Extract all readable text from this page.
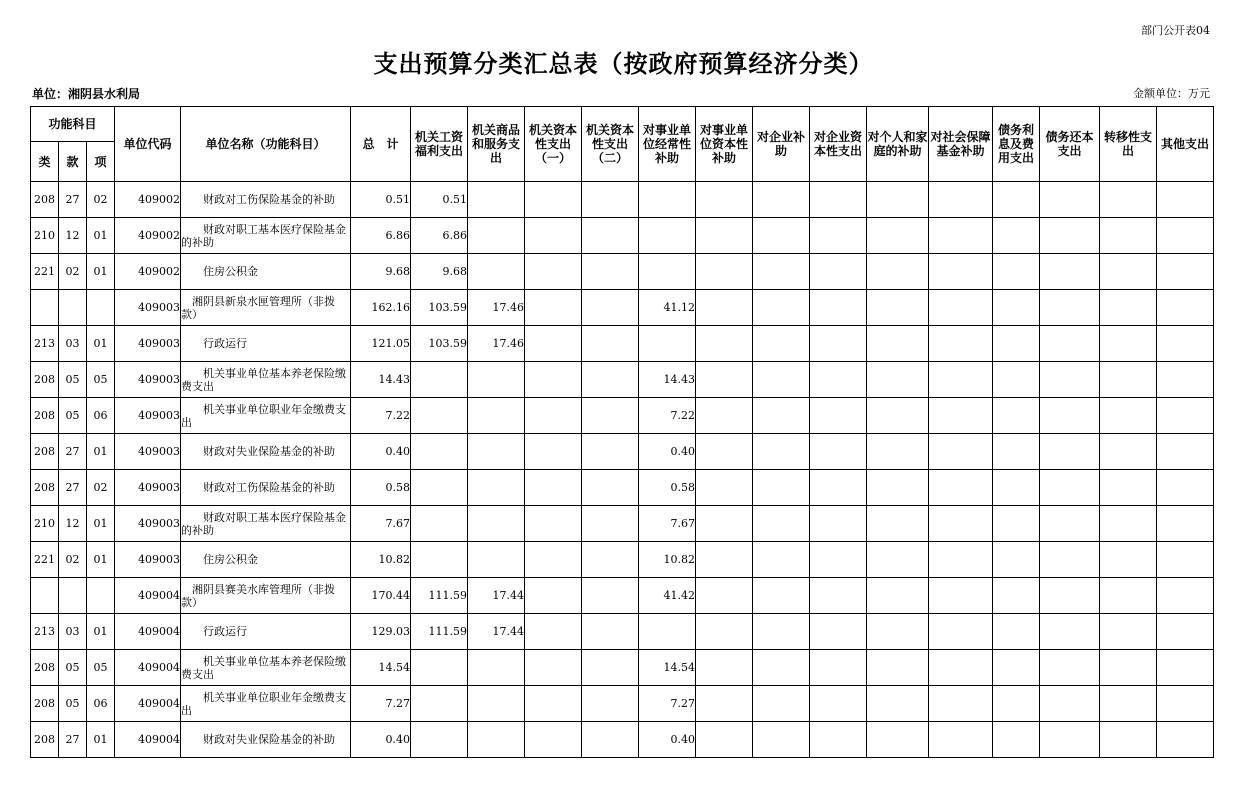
部门公开表04
支出预算分类汇总表（按政府预算经济分类）
单位：湘阴县水利局	金额单位：万元
功能科目			单位代码	单位名称（功能科目）	总　计	机关工资福利支出	机关商品和服务支出	机关资本性支出（一）	机关资本性支出（二）	对事业单位经常性补助	对事业单位资本性补助	对企业补助	对企业资本性支出	对个人和家庭的补助	对社会保障基金补助	债务利息及费用支出	债务还本支出	转移性支出	其他支出
类	款	项																	
208	27	02	409002	　　财政对工伤保险基金的补助	0.51	0.51													
210	12	01	409002	　　财政对职工基本医疗保险基金的补助	6.86	6.86													
221	02	01	409002	　　住房公积金	9.68	9.68													
			409003	　湘阴县新泉水匣管理所（非拨款）	162.16	103.59	17.46			41.12									
213	03	01	409003	　　行政运行	121.05	103.59	17.46												
208	05	05	409003	　　机关事业单位基本养老保险缴费支出	14.43					14.43									
208	05	06	409003	　　机关事业单位职业年金缴费支出	7.22					7.22									
208	27	01	409003	　　财政对失业保险基金的补助	0.40					0.40									
208	27	02	409003	　　财政对工伤保险基金的补助	0.58					0.58									
210	12	01	409003	　　财政对职工基本医疗保险基金的补助	7.67					7.67									
221	02	01	409003	　　住房公积金	10.82					10.82									
			409004	　湘阴县赛美水库管理所（非拨款）	170.44	111.59	17.44			41.42									
213	03	01	409004	　　行政运行	129.03	111.59	17.44												
208	05	05	409004	　　机关事业单位基本养老保险缴费支出	14.54					14.54									
208	05	06	409004	　　机关事业单位职业年金缴费支出	7.27					7.27									
208	27	01	409004	　　财政对失业保险基金的补助	0.40					0.40									
